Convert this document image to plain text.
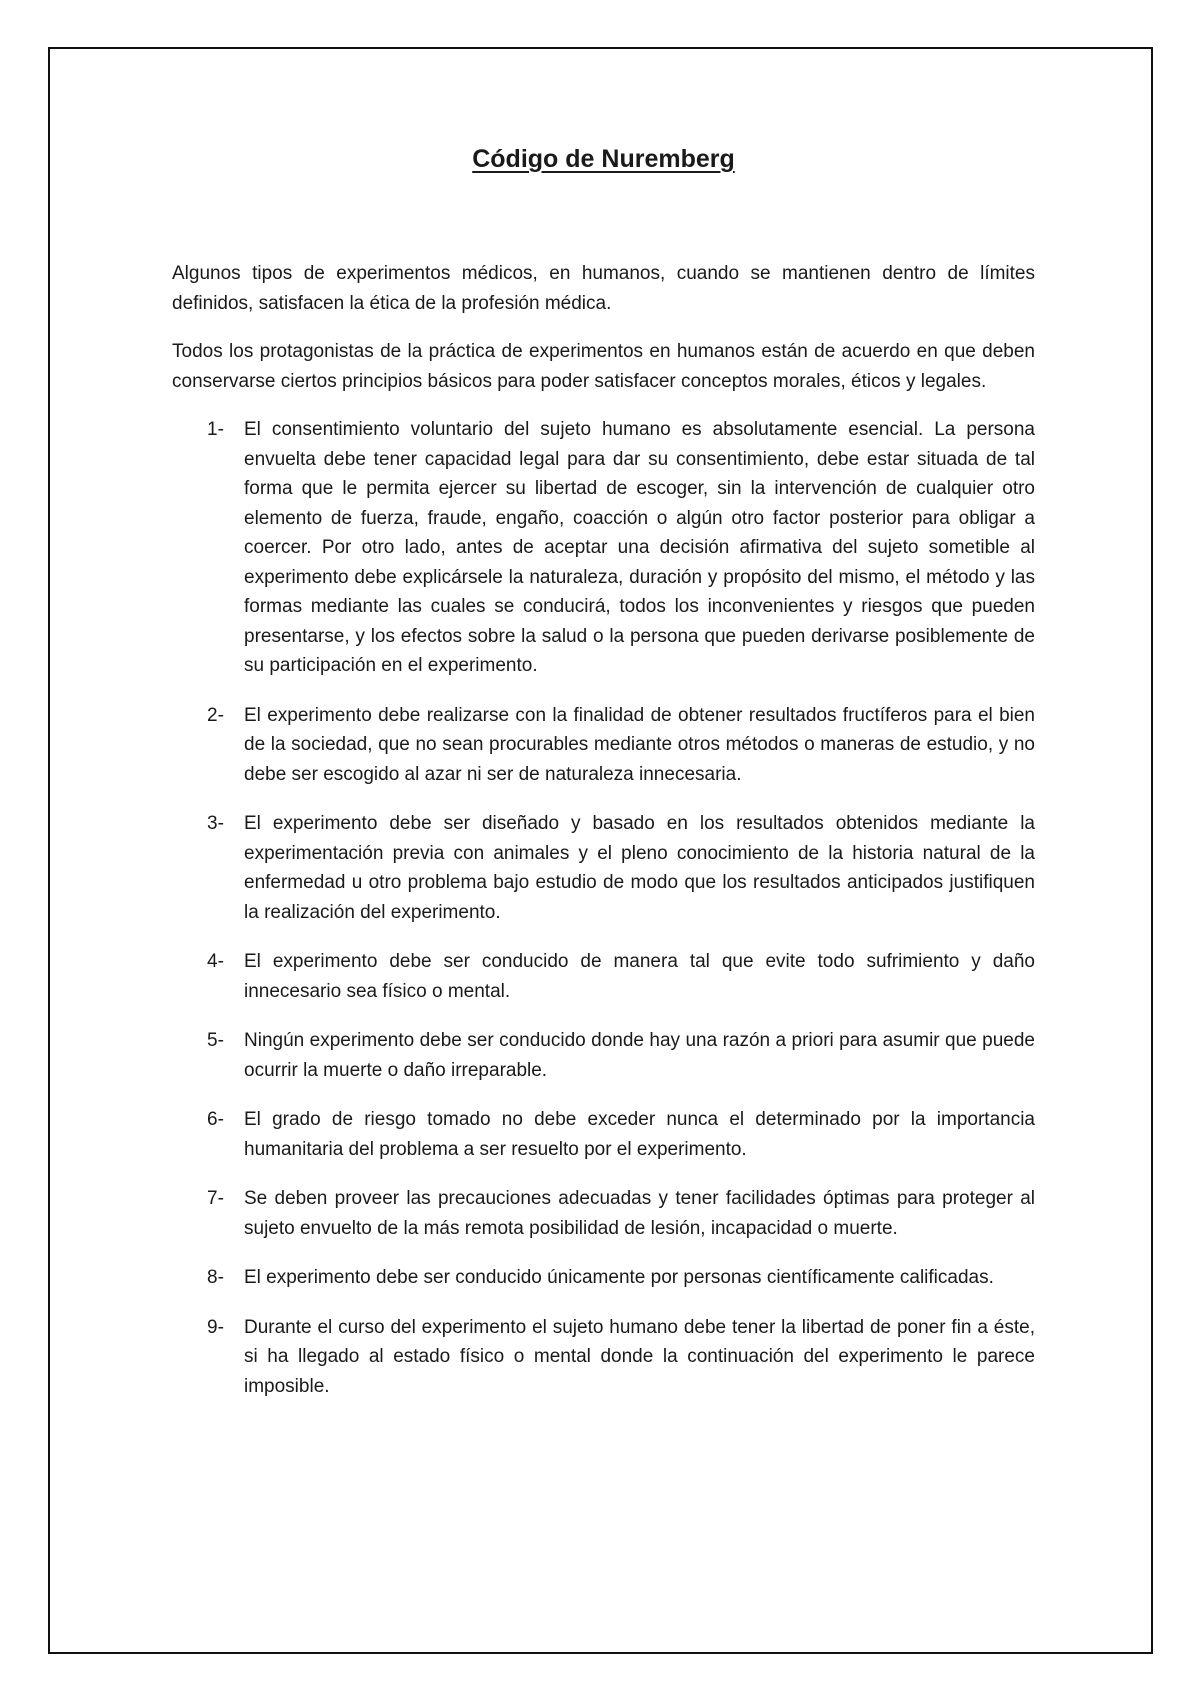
Código de Nuremberg

Algunos tipos de experimentos médicos, en humanos, cuando se mantienen dentro de límites definidos, satisfacen la ética de la profesión médica.

Todos los protagonistas de la práctica de experimentos en humanos están de acuerdo en que deben conservarse ciertos principios básicos para poder satisfacer conceptos morales, éticos y legales.

1- El consentimiento voluntario del sujeto humano es absolutamente esencial. La persona envuelta debe tener capacidad legal para dar su consentimiento, debe estar situada de tal forma que le permita ejercer su libertad de escoger, sin la intervención de cualquier otro elemento de fuerza, fraude, engaño, coacción o algún otro factor posterior para obligar a coercer. Por otro lado, antes de aceptar una decisión afirmativa del sujeto sometible al experimento debe explicársele la naturaleza, duración y propósito del mismo, el método y las formas mediante las cuales se conducirá, todos los inconvenientes y riesgos que pueden presentarse, y los efectos sobre la salud o la persona que pueden derivarse posiblemente de su participación en el experimento.
2- El experimento debe realizarse con la finalidad de obtener resultados fructíferos para el bien de la sociedad, que no sean procurables mediante otros métodos o maneras de estudio, y no debe ser escogido al azar ni ser de naturaleza innecesaria.
3- El experimento debe ser diseñado y basado en los resultados obtenidos mediante la experimentación previa con animales y el pleno conocimiento de la historia natural de la enfermedad u otro problema bajo estudio de modo que los resultados anticipados justifiquen la realización del experimento.
4- El experimento debe ser conducido de manera tal que evite todo sufrimiento y daño innecesario sea físico o mental.
5- Ningún experimento debe ser conducido donde hay una razón a priori para asumir que puede ocurrir la muerte o daño irreparable.
6- El grado de riesgo tomado no debe exceder nunca el determinado por la importancia humanitaria del problema a ser resuelto por el experimento.
7- Se deben proveer las precauciones adecuadas y tener facilidades óptimas para proteger al sujeto envuelto de la más remota posibilidad de lesión, incapacidad o muerte.
8- El experimento debe ser conducido únicamente por personas científicamente calificadas.
9- Durante el curso del experimento el sujeto humano debe tener la libertad de poner fin a éste, si ha llegado al estado físico o mental donde la continuación del experimento le parece imposible.
